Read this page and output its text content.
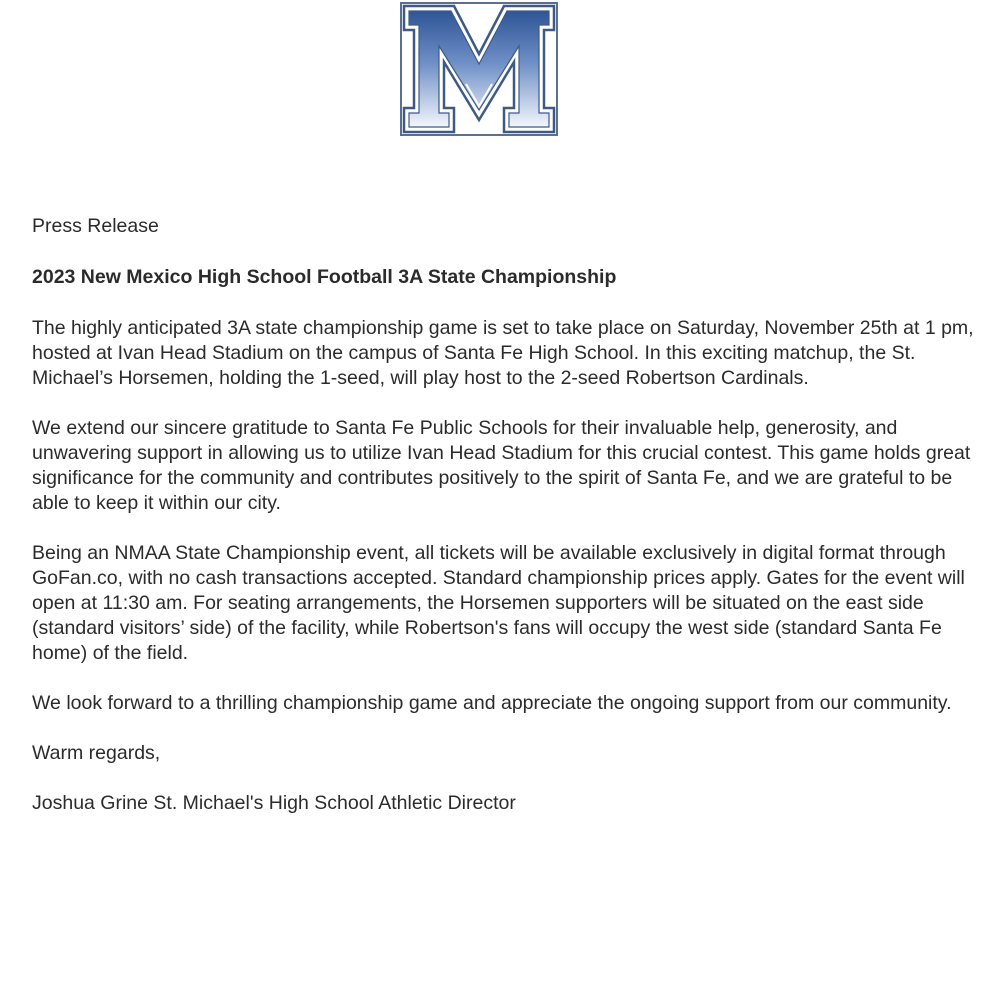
Press Release

2023 New Mexico High School Football 3A State Championship

The highly anticipated 3A state championship game is set to take place on Saturday, November 25th at 1 pm, hosted at Ivan Head Stadium on the campus of Santa Fe High School. In this exciting matchup, the St. Michael’s Horsemen, holding the 1-seed, will play host to the 2-seed Robertson Cardinals.

We extend our sincere gratitude to Santa Fe Public Schools for their invaluable help, generosity, and unwavering support in allowing us to utilize Ivan Head Stadium for this crucial contest. This game holds great significance for the community and contributes positively to the spirit of Santa Fe, and we are grateful to be able to keep it within our city.

Being an NMAA State Championship event, all tickets will be available exclusively in digital format through GoFan.co, with no cash transactions accepted. Standard championship prices apply. Gates for the event will open at 11:30 am. For seating arrangements, the Horsemen supporters will be situated on the east side (standard visitors’ side) of the facility, while Robertson's fans will occupy the west side (standard Santa Fe home) of the field.

We look forward to a thrilling championship game and appreciate the ongoing support from our community.

Warm regards,

Joshua Grine St. Michael's High School Athletic Director
